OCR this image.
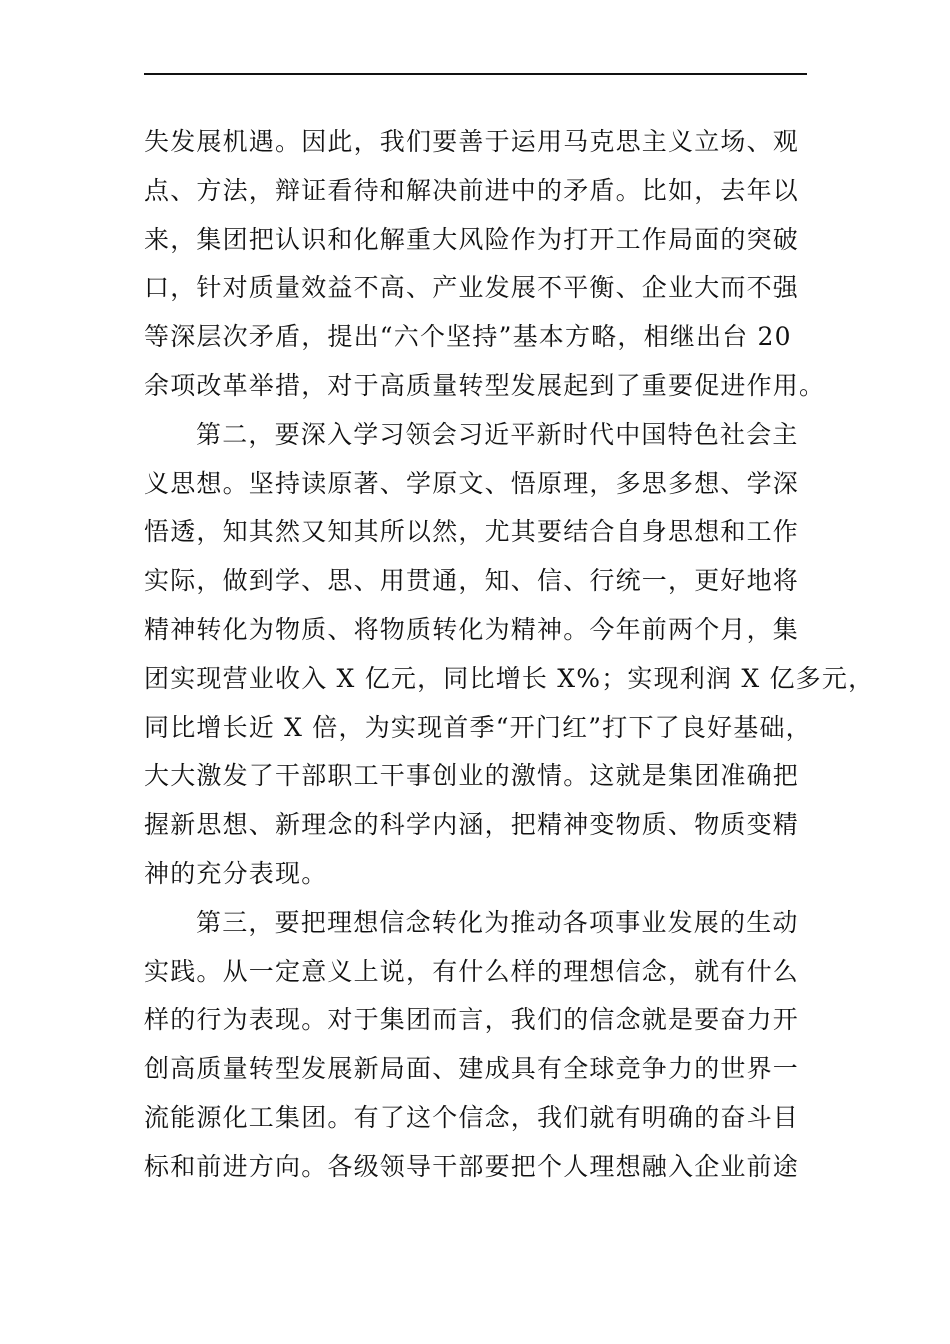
失发展机遇。因此，我们要善于运用马克思主义立场、观
点、方法，辩证看待和解决前进中的矛盾。比如，去年以
来，集团把认识和化解重大风险作为打开工作局面的突破
口，针对质量效益不高、产业发展不平衡、企业大而不强
等深层次矛盾，提出“六个坚持”基本方略，相继出台 20
余项改革举措，对于高质量转型发展起到了重要促进作用。
第二，要深入学习领会习近平新时代中国特色社会主
义思想。坚持读原著、学原文、悟原理，多思多想、学深
悟透，知其然又知其所以然，尤其要结合自身思想和工作
实际，做到学、思、用贯通，知、信、行统一，更好地将
精神转化为物质、将物质转化为精神。今年前两个月，集
团实现营业收入 X 亿元，同比增长 X%；实现利润 X 亿多元，
同比增长近 X 倍，为实现首季“开门红”打下了良好基础，
大大激发了干部职工干事创业的激情。这就是集团准确把
握新思想、新理念的科学内涵，把精神变物质、物质变精
神的充分表现。
第三，要把理想信念转化为推动各项事业发展的生动
实践。从一定意义上说，有什么样的理想信念，就有什么
样的行为表现。对于集团而言，我们的信念就是要奋力开
创高质量转型发展新局面、建成具有全球竞争力的世界一
流能源化工集团。有了这个信念，我们就有明确的奋斗目
标和前进方向。各级领导干部要把个人理想融入企业前途
